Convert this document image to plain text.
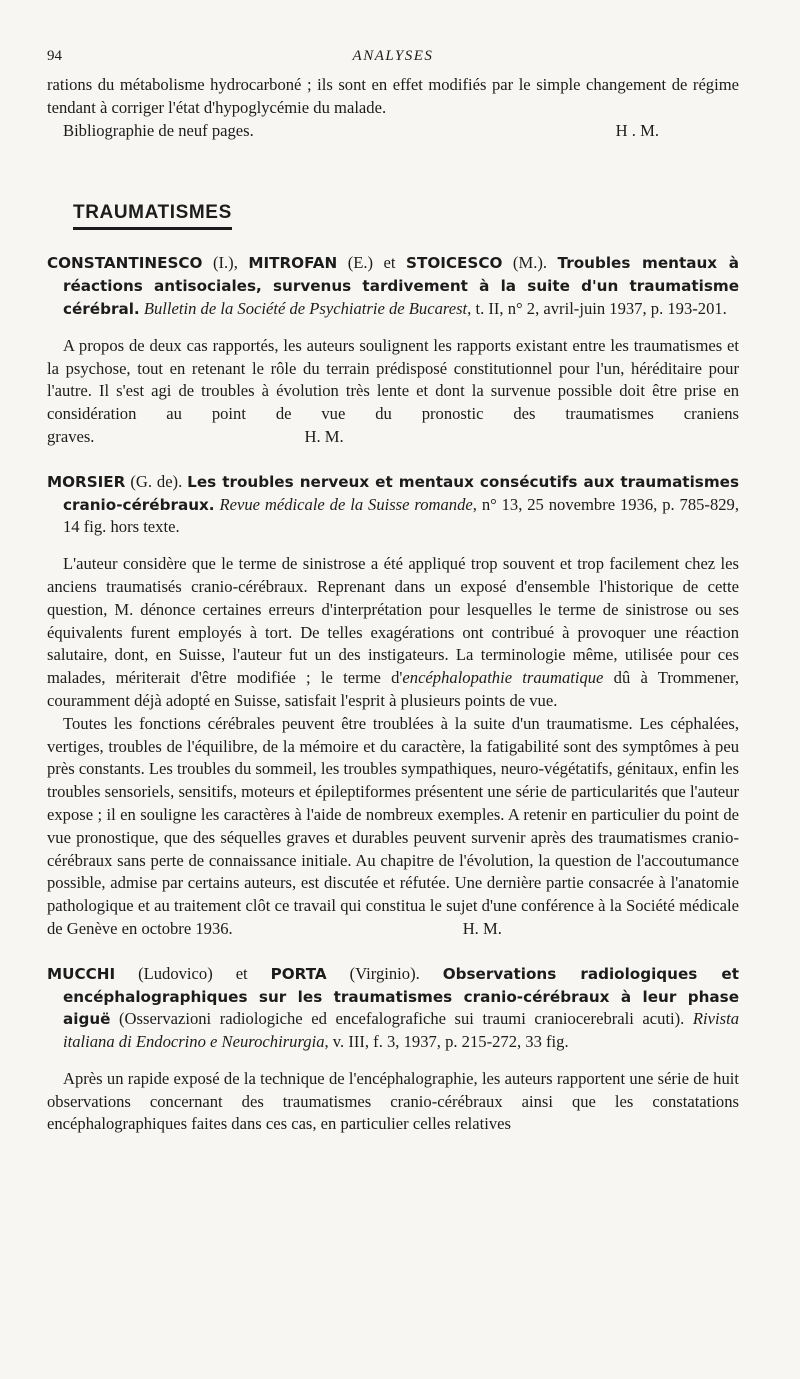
94	ANALYSES

rations du métabolisme hydrocarboné ; ils sont en effet modifiés par le simple changement de régime tendant à corriger l'état d'hypoglycémie du malade.

Bibliographie de neuf pages.	H . M.

TRAUMATISMES

CONSTANTINESCO (I.), MITROFAN (E.) et STOICESCO (M.). Troubles mentaux à réactions antisociales, survenus tardivement à la suite d'un traumatisme cérébral. Bulletin de la Société de Psychiatrie de Bucarest, t. II, n° 2, avril-juin 1937, p. 193-201.

A propos de deux cas rapportés, les auteurs soulignent les rapports existant entre les traumatismes et la psychose, tout en retenant le rôle du terrain prédisposé constitutionnel pour l'un, héréditaire pour l'autre. Il s'est agi de troubles à évolution très lente et dont la survenue possible doit être prise en considération au point de vue du pronostic des traumatismes craniens graves.	H. M.

MORSIER (G. de). Les troubles nerveux et mentaux consécutifs aux traumatismes cranio-cérébraux. Revue médicale de la Suisse romande, n° 13, 25 novembre 1936, p. 785-829, 14 fig. hors texte.

L'auteur considère que le terme de sinistrose a été appliqué trop souvent et trop facilement chez les anciens traumatisés cranio-cérébraux. Reprenant dans un exposé d'ensemble l'historique de cette question, M. dénonce certaines erreurs d'interprétation pour lesquelles le terme de sinistrose ou ses équivalents furent employés à tort. De telles exagérations ont contribué à provoquer une réaction salutaire, dont, en Suisse, l'auteur fut un des instigateurs. La terminologie même, utilisée pour ces malades, mériterait d'être modifiée ; le terme d'encéphalopathie traumatique dû à Trommener, couramment déjà adopté en Suisse, satisfait l'esprit à plusieurs points de vue.

Toutes les fonctions cérébrales peuvent être troublées à la suite d'un traumatisme. Les céphalées, vertiges, troubles de l'équilibre, de la mémoire et du caractère, la fatigabilité sont des symptômes à peu près constants. Les troubles du sommeil, les troubles sympathiques, neuro-végétatifs, génitaux, enfin les troubles sensoriels, sensitifs, moteurs et épileptiformes présentent une série de particularités que l'auteur expose ; il en souligne les caractères à l'aide de nombreux exemples. A retenir en particulier du point de vue pronostique, que des séquelles graves et durables peuvent survenir après des traumatismes cranio-cérébraux sans perte de connaissance initiale. Au chapitre de l'évolution, la question de l'accoutumance possible, admise par certains auteurs, est discutée et réfutée. Une dernière partie consacrée à l'anatomie pathologique et au traitement clôt ce travail qui constitua le sujet d'une conférence à la Société médicale de Genève en octobre 1936.	H. M.

MUCCHI (Ludovico) et PORTA (Virginio). Observations radiologiques et encéphalographiques sur les traumatismes cranio-cérébraux à leur phase aiguë (Osservazioni radiologiche ed encefalografiche sui traumi craniocerebrali acuti). Rivista italiana di Endocrino e Neurochirurgia, v. III, f. 3, 1937, p. 215-272, 33 fig.

Après un rapide exposé de la technique de l'encéphalographie, les auteurs rapportent une série de huit observations concernant des traumatismes cranio-cérébraux ainsi que les constatations encéphalographiques faites dans ces cas, en particulier celles relatives
